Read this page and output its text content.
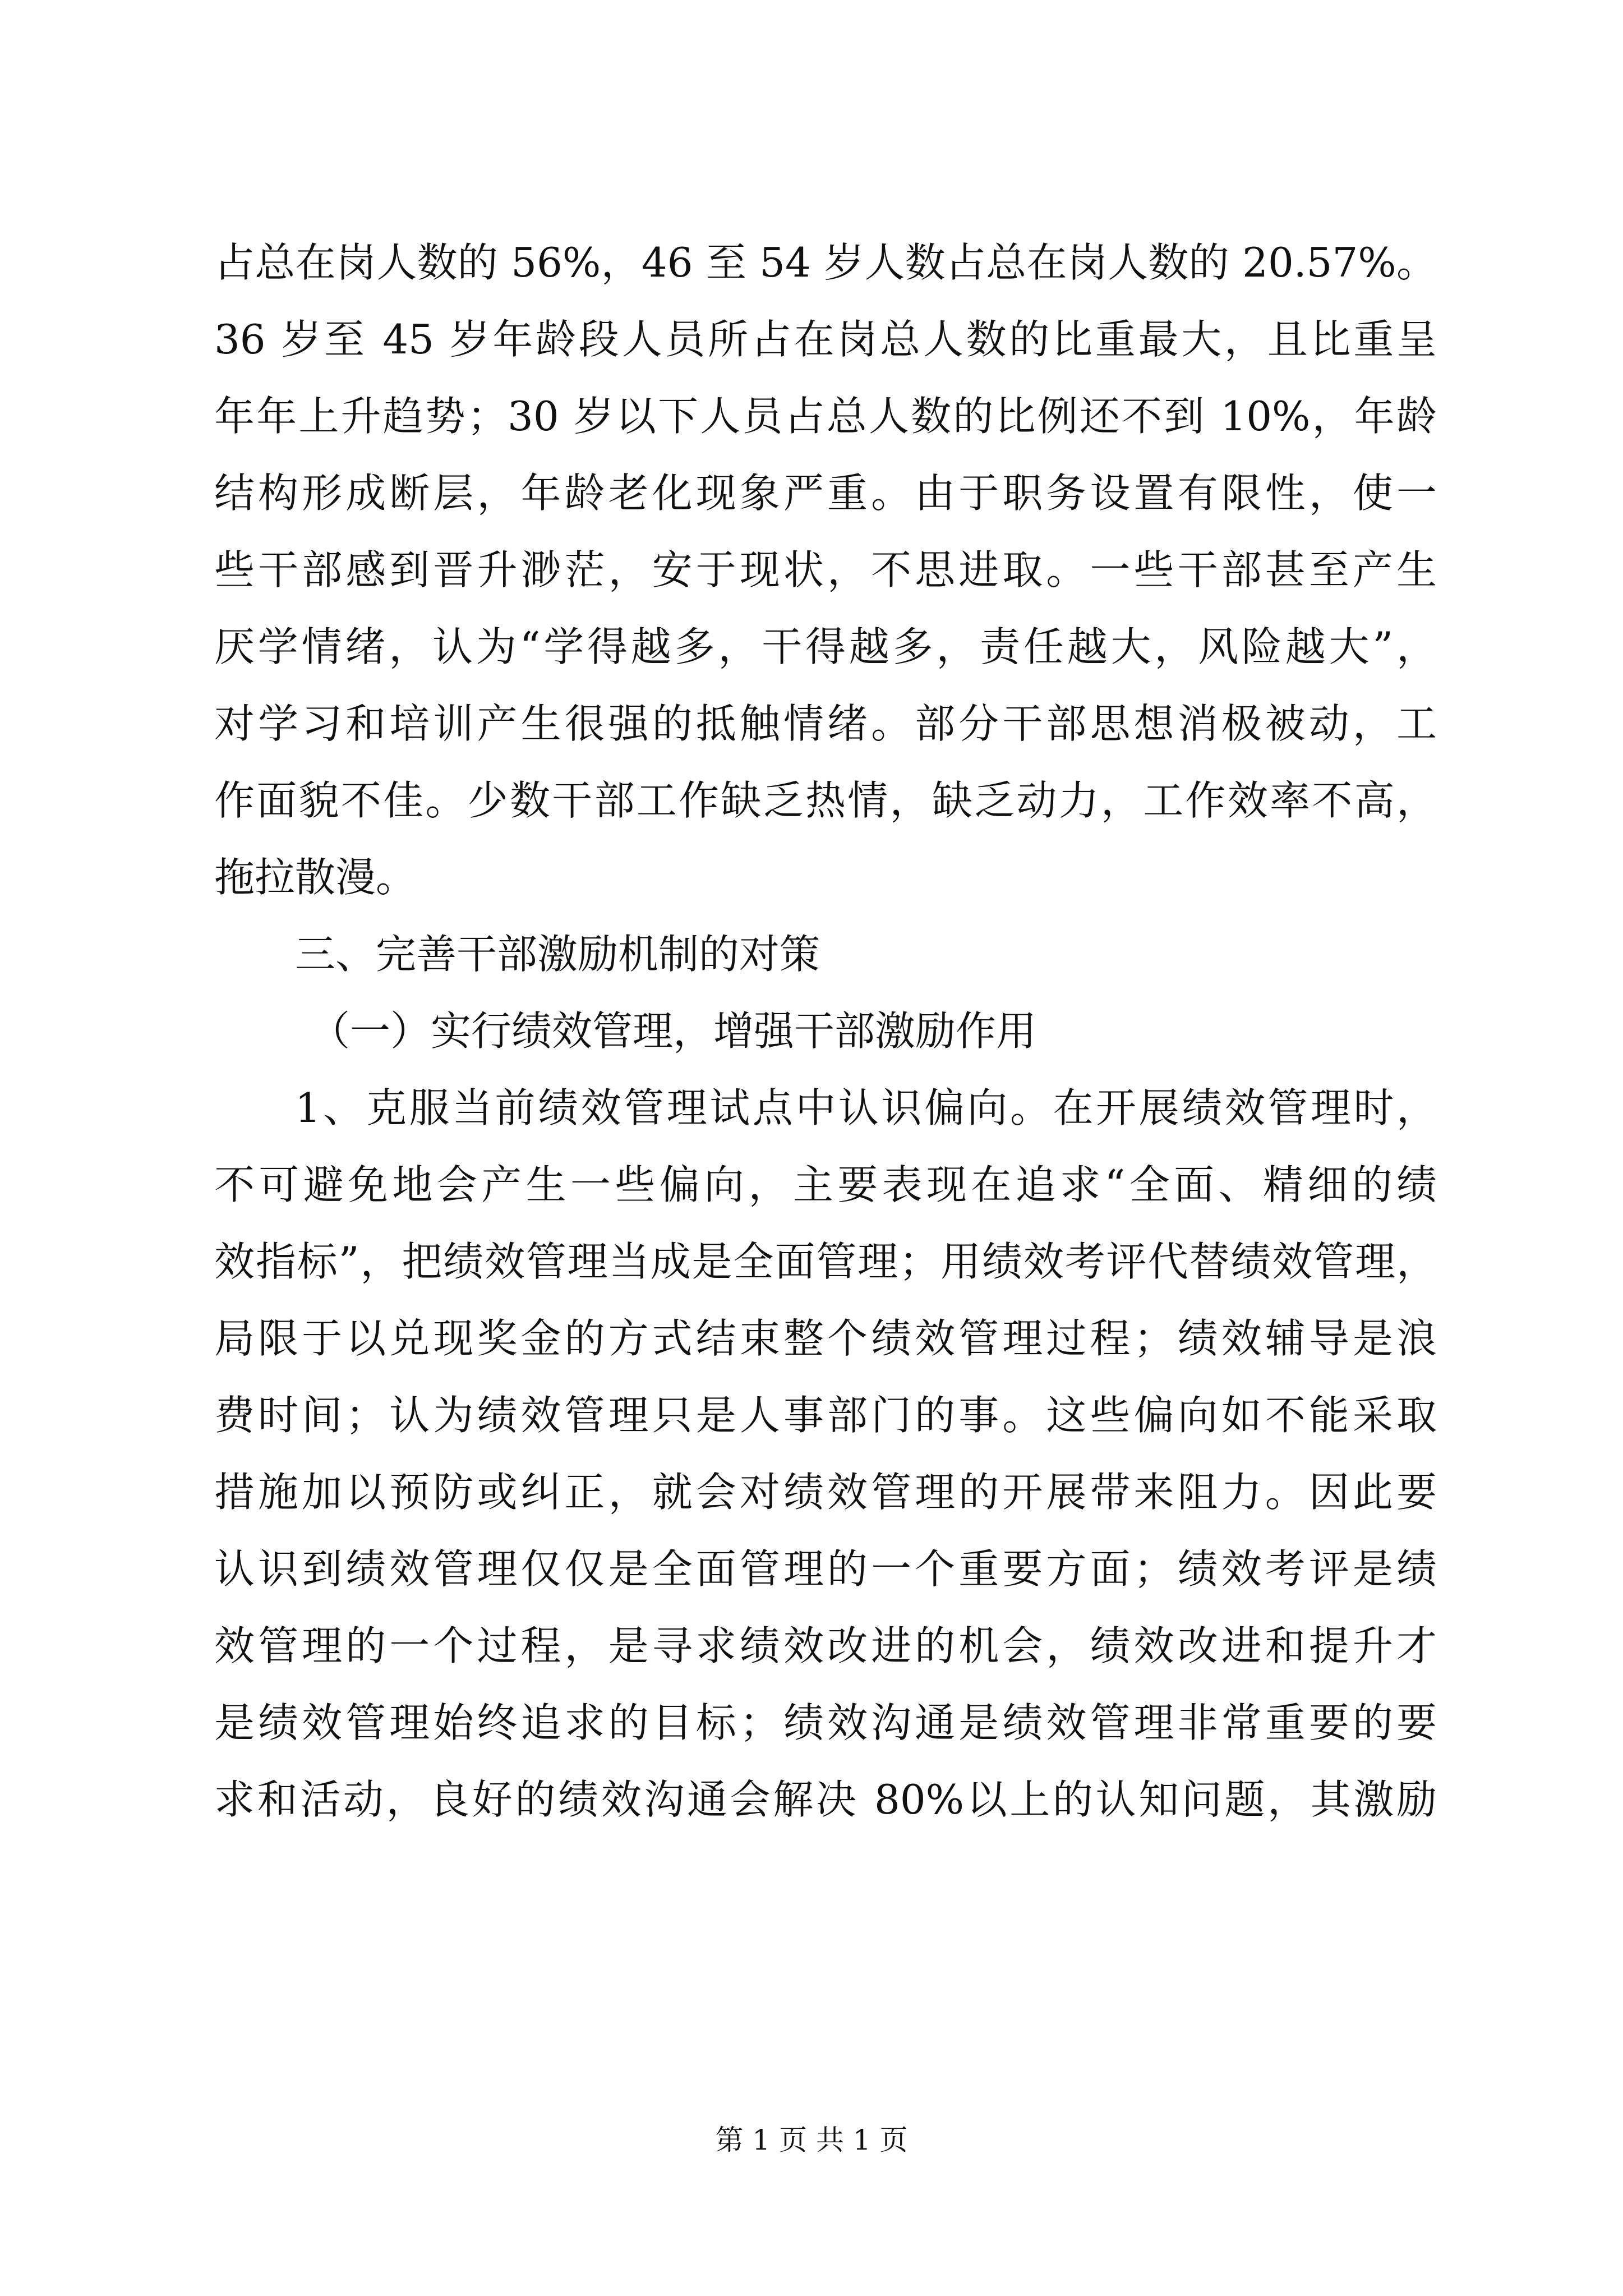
占总在岗人数的 56%，46 至 54 岁人数占总在岗人数的 20.57%。
36 岁至 45 岁年龄段人员所占在岗总人数的比重最大，且比重呈
年年上升趋势；30 岁以下人员占总人数的比例还不到 10%，年龄
结构形成断层，年龄老化现象严重。由于职务设置有限性，使一
些干部感到晋升渺茫，安于现状，不思进取。一些干部甚至产生
厌学情绪，认为“学得越多，干得越多，责任越大，风险越大”，
对学习和培训产生很强的抵触情绪。部分干部思想消极被动，工
作面貌不佳。少数干部工作缺乏热情，缺乏动力，工作效率不高，
拖拉散漫。
三、完善干部激励机制的对策
（一）实行绩效管理，增强干部激励作用
1、克服当前绩效管理试点中认识偏向。在开展绩效管理时，
不可避免地会产生一些偏向，主要表现在追求“全面、精细的绩
效指标”，把绩效管理当成是全面管理；用绩效考评代替绩效管理，
局限于以兑现奖金的方式结束整个绩效管理过程；绩效辅导是浪
费时间；认为绩效管理只是人事部门的事。这些偏向如不能采取
措施加以预防或纠正，就会对绩效管理的开展带来阻力。因此要
认识到绩效管理仅仅是全面管理的一个重要方面；绩效考评是绩
效管理的一个过程，是寻求绩效改进的机会，绩效改进和提升才
是绩效管理始终追求的目标；绩效沟通是绩效管理非常重要的要
求和活动，良好的绩效沟通会解决 80%以上的认知问题，其激励
第 1 页 共 1 页
